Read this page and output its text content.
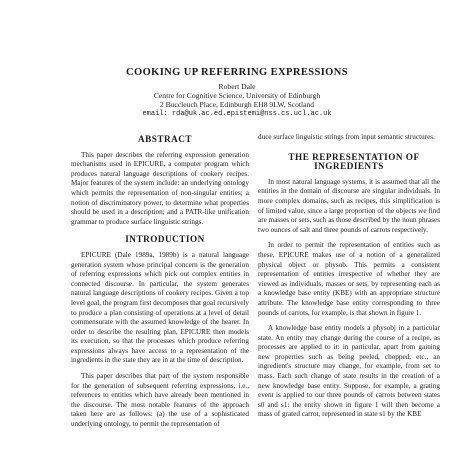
COOKING UP REFERRING EXPRESSIONS
Robert Dale
Centre for Cognitive Science, University of Edinburgh
2 Buccleuch Place, Edinburgh EH8 9LW, Scotland
email: rda@uk.ac.ed.epistemi@nss.cs.ucl.ac.uk

ABSTRACT

This paper describes the referring expression generation mechanisms used in EPICURE, a computer program which produces natural language descriptions of cookery recipes. Major features of the system include: an underlying ontology which permits the representation of non-singular entities; a notion of discriminatory power, to determine what properties should be used in a description; and a PATR-like unification grammar to produce surface linguistic strings.

INTRODUCTION

EPICURE (Dale 1989a, 1989b) is a natural language generation system whose principal concern is the generation of referring expressions which pick out complex entities in connected discourse. In particular, the system generates natural language descriptions of cookery recipes. Given a top level goal, the program first decomposes that goal recursively to produce a plan consisting of operations at a level of detail commensurate with the assumed knowledge of the hearer. In order to describe the resulting plan, EPICURE then models its execution, so that the processes which produce referring expressions always have access to a representation of the ingredients in the state they are in at the time of description.

This paper describes that part of the system responsible for the generation of subsequent referring expressions, i.e., references to entities which have already been mentioned in the discourse. The most notable features of the approach taken here are as follows: (a) the use of a sophisticated underlying ontology, to permit the representation of

duce surface linguistic strings from input semantic structures.

THE REPRESENTATION OF INGREDIENTS

In most natural language systems, it is assumed that all the entities in the domain of discourse are singular individuals. In more complex domains, such as recipes, this simplification is of limited value, since a large proportion of the objects we find are masses or sets, such as those described by the noun phrases two ounces of salt and three pounds of carrots respectively.

In order to permit the representation of entities such as these, EPICURE makes use of a notion of a generalized physical object or physob. This permits a consistent representation of entities irrespective of whether they are viewed as individuals, masses or sets, by representing each as a knowledge base entity (KBE) with an appropriate structure attribute. The knowledge base entity corresponding to three pounds of carrots, for example, is that shown in figure 1.

A knowledge base entity models a physobj in a particular state. An entity may change during the course of a recipe, as processes are applied to it: in particular, apart from gaining new properties such as being peeled, chopped, etc., an ingredient's structure may change, for example, from set to mass. Each such change of state results in the creation of a new knowledge base entity. Suppose, for example, a grating event is applied to our three pounds of carrots between states s0 and s1: the entity shown in figure 1 will then become a mass of grated carrot, represented in state s1 by the KBE
